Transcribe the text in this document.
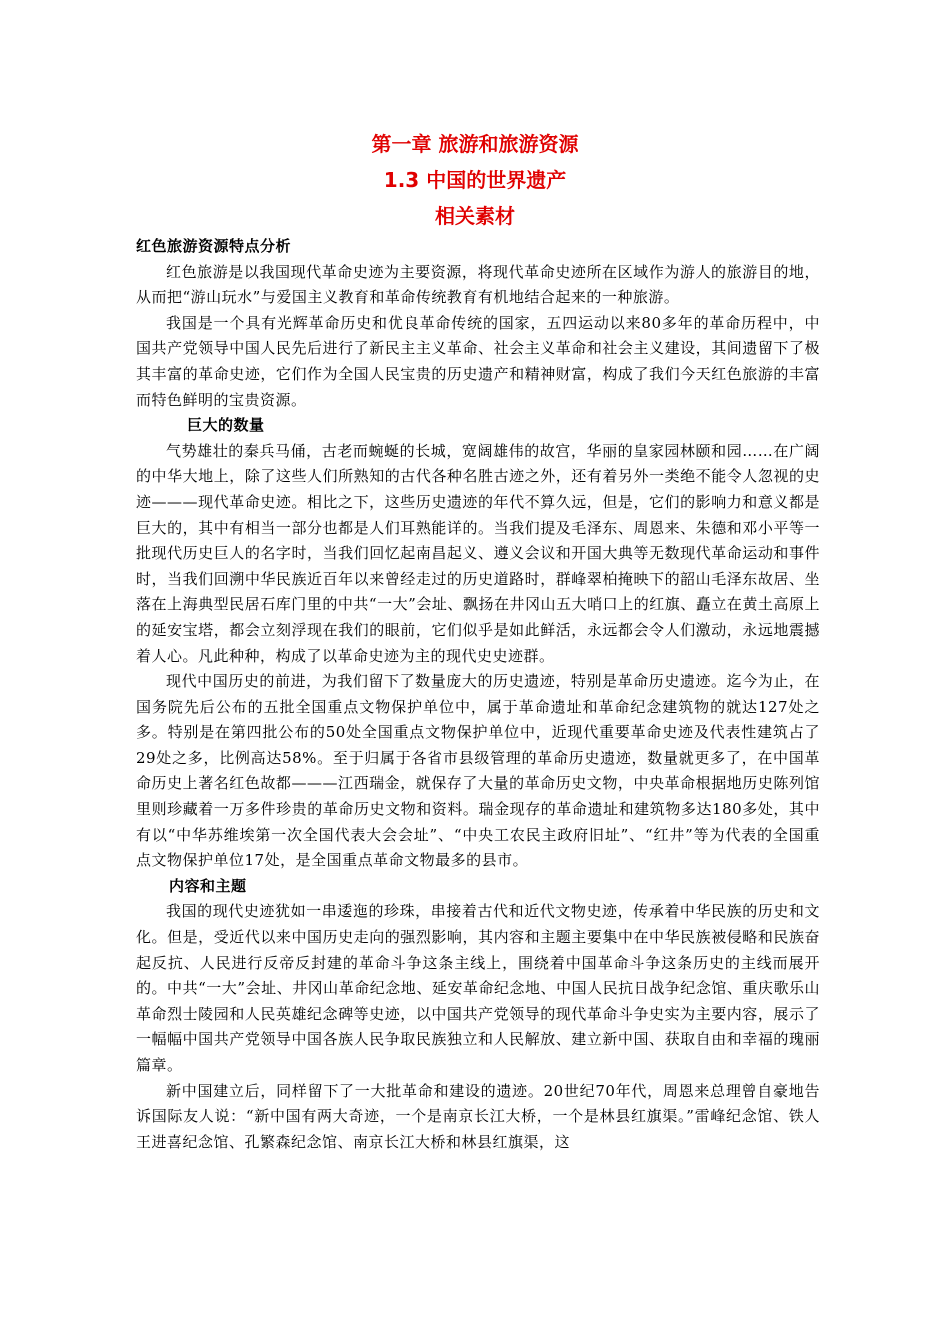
第一章 旅游和旅游资源

1.3 中国的世界遗产

相关素材

红色旅游资源特点分析

红色旅游是以我国现代革命史迹为主要资源，将现代革命史迹所在区域作为游人的旅游目的地，从而把“游山玩水”与爱国主义教育和革命传统教育有机地结合起来的一种旅游。

我国是一个具有光辉革命历史和优良革命传统的国家，五四运动以来80多年的革命历程中，中国共产党领导中国人民先后进行了新民主主义革命、社会主义革命和社会主义建设，其间遗留下了极其丰富的革命史迹，它们作为全国人民宝贵的历史遗产和精神财富，构成了我们今天红色旅游的丰富而特色鲜明的宝贵资源。

巨大的数量

气势雄壮的秦兵马俑，古老而蜿蜒的长城，宽阔雄伟的故宫，华丽的皇家园林颐和园……在广阔的中华大地上，除了这些人们所熟知的古代各种名胜古迹之外，还有着另外一类绝不能令人忽视的史迹———现代革命史迹。相比之下，这些历史遗迹的年代不算久远，但是，它们的影响力和意义都是巨大的，其中有相当一部分也都是人们耳熟能详的。当我们提及毛泽东、周恩来、朱德和邓小平等一批现代历史巨人的名字时，当我们回忆起南昌起义、遵义会议和开国大典等无数现代革命运动和事件时，当我们回溯中华民族近百年以来曾经走过的历史道路时，群峰翠柏掩映下的韶山毛泽东故居、坐落在上海典型民居石库门里的中共“一大”会址、飘扬在井冈山五大哨口上的红旗、矗立在黄土高原上的延安宝塔，都会立刻浮现在我们的眼前，它们似乎是如此鲜活，永远都会令人们激动，永远地震撼着人心。凡此种种，构成了以革命史迹为主的现代史史迹群。

现代中国历史的前进，为我们留下了数量庞大的历史遗迹，特别是革命历史遗迹。迄今为止，在国务院先后公布的五批全国重点文物保护单位中，属于革命遗址和革命纪念建筑物的就达127处之多。特别是在第四批公布的50处全国重点文物保护单位中，近现代重要革命史迹及代表性建筑占了29处之多，比例高达58%。至于归属于各省市县级管理的革命历史遗迹，数量就更多了，在中国革命历史上著名红色故都———江西瑞金，就保存了大量的革命历史文物，中央革命根据地历史陈列馆里则珍藏着一万多件珍贵的革命历史文物和资料。瑞金现存的革命遗址和建筑物多达180多处，其中有以“中华苏维埃第一次全国代表大会会址”、“中央工农民主政府旧址”、“红井”等为代表的全国重点文物保护单位17处，是全国重点革命文物最多的县市。

内容和主题

我国的现代史迹犹如一串逶迤的珍珠，串接着古代和近代文物史迹，传承着中华民族的历史和文化。但是，受近代以来中国历史走向的强烈影响，其内容和主题主要集中在中华民族被侵略和民族奋起反抗、人民进行反帝反封建的革命斗争这条主线上，围绕着中国革命斗争这条历史的主线而展开的。中共“一大”会址、井冈山革命纪念地、延安革命纪念地、中国人民抗日战争纪念馆、重庆歌乐山革命烈士陵园和人民英雄纪念碑等史迹，以中国共产党领导的现代革命斗争史实为主要内容，展示了一幅幅中国共产党领导中国各族人民争取民族独立和人民解放、建立新中国、获取自由和幸福的瑰丽篇章。

新中国建立后，同样留下了一大批革命和建设的遗迹。20世纪70年代，周恩来总理曾自豪地告诉国际友人说：“新中国有两大奇迹，一个是南京长江大桥，一个是林县红旗渠。”雷峰纪念馆、铁人王进喜纪念馆、孔繁森纪念馆、南京长江大桥和林县红旗渠，这
